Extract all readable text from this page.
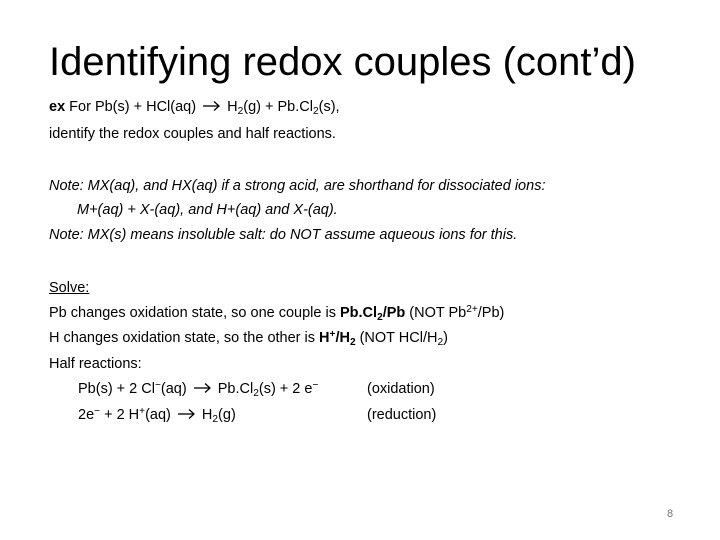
Identifying redox couples (cont’d)
ex For Pb(s) + HCl(aq)
$H_2(g) + Pb.Cl_2(s)$,
identify the redox couples and half reactions.
Note: MX(aq), and HX(aq) if a strong acid, are shorthand for dissociated ions:
M+(aq) + X-(aq), and H+(aq) and X-(aq).
Note: MX(s) means insoluble salt: do NOT assume aqueous ions for this.
Solve:
Pb changes oxidation state, so one couple is $Pb.Cl_2/Pb$ (NOT $Pb^{2+}/Pb$)
H changes oxidation state, so the other is $H^+/H_2$ (NOT HCl/$H_2$)
Half reactions:
Pb(s) + 2 Cl−(aq)
$Pb.Cl_2(s) + 2$ e−	(oxidation)
2e− + 2 H+(aq)
$H_2(g)$	(reduction)
8
